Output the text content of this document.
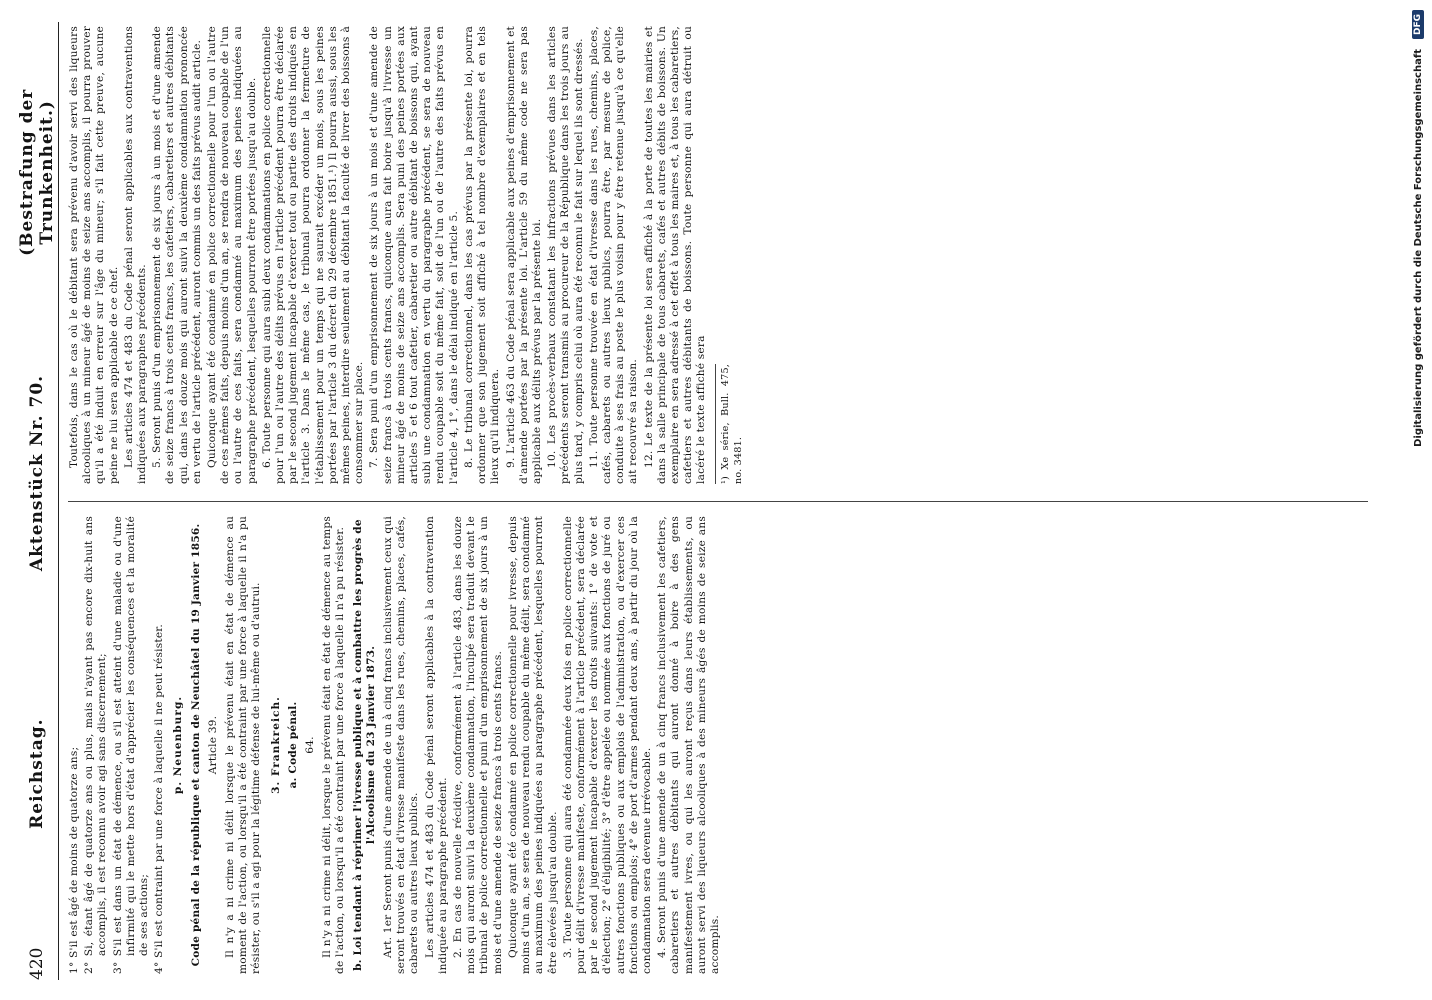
420
Reichstag.
Aktenstück Nr. 70.
(Bestrafung der Trunkenheit.)

1° S'il est âgé de moins de quatorze ans; 2° Si, étant âgé de quatorze ans ou plus, mais n'ayant pas encore dix-huit ans accomplis, il est reconnu avoir agi sans discernement; 3° S'il est dans un état de démence, ou s'il est atteint d'une maladie ou d'une infirmité qui le mette hors d'état d'apprécier les conséquences et la moralité de ses actions; 4° S'il est contraint par une force à laquelle il ne peut résister. p. Neuenburg. Code pénal de la république et canton de Neuchâtel du 19 Janvier 1856. Article 39. Il n'y a ni crime ni délit lorsque le prévenu était en état de démence au moment de l'action, ou lorsqu'il a été contraint par une force à laquelle il n'a pu résister, ou s'il a agi pour la légitime défense de lui-même ou d'autrui. 3. Frankreich. a. Code pénal. 64. Il n'y a ni crime ni délit, lorsque le prévenu était en état de démence au temps de l'action, ou lorsqu'il a été contraint par une force à laquelle il n'a pu résister. b. Loi tendant à réprimer l'ivresse publique et à combattre les progrès de l'Alcoolisme du 23 Janvier 1873. Art. 1er Seront punis d'une amende de un à cinq francs inclusivement ceux qui seront trouvés en état d'ivresse manifeste dans les rues, chemins, places, cafés, cabarets ou autres lieux publics. Les articles 474 et 483 du Code pénal seront applicables à la contravention indiquée au paragraphe précédent. 2. En cas de nouvelle récidive, conformément à l'article 483, dans les douze mois qui auront suivi la deuxième condamnation, l'inculpé sera traduit devant le tribunal de police correctionnelle et puni d'un emprisonnement de six jours à un mois et d'une amende de seize francs à trois cents francs. Quiconque ayant été condamné en police correctionnelle pour ivresse, depuis moins d'un an, se sera de nouveau rendu coupable du même délit, sera condamné au maximum des peines indiquées au paragraphe précédent, lesquelles pourront être élevées jusqu'au double. 3. Toute personne qui aura été condamnée deux fois en police correctionnelle pour délit d'ivresse manifeste, conformément à l'article précédent, sera déclarée par le second jugement incapable d'exercer les droits suivants: 1° de vote et d'élection; 2° d'éligibilité; 3° d'être appelée ou nommée aux fonctions de juré ou autres fonctions publiques ou aux emplois de l'administration, ou d'exercer ces fonctions ou emplois; 4° de port d'armes pendant deux ans, à partir du jour où la condamnation sera devenue irrévocable. 4. Seront punis d'une amende de un à cinq francs inclusivement les cafetiers, cabaretiers et autres débitants qui auront donné à boire à des gens manifestement ivres, ou qui les auront reçus dans leurs établissements, ou auront servi des liqueurs alcooliques à des mineurs âgés de moins de seize ans accomplis.

Toutefois, dans le cas où le débitant sera prévenu d'avoir servi des liqueurs alcooliques à un mineur âgé de moins de seize ans accomplis, il pourra prouver qu'il a été induit en erreur sur l'âge du mineur; s'il fait cette preuve, aucune peine ne lui sera applicable de ce chef. Les articles 474 et 483 du Code pénal seront applicables aux contraventions indiquées aux paragraphes précédents. 5. Seront punis d'un emprisonnement de six jours à un mois et d'une amende de seize francs à trois cents francs, les cafetiers, cabaretiers et autres débitants qui, dans les douze mois qui auront suivi la deuxième condamnation prononcée en vertu de l'article précédent, auront commis un des faits prévus audit article. Quiconque ayant été condamné en police correctionnelle pour l'un ou l'autre de ces mêmes faits, depuis moins d'un an, se rendra de nouveau coupable de l'un ou l'autre de ces faits, sera condamné au maximum des peines indiquées au paragraphe précédent, lesquelles pourront être portées jusqu'au double. 6. Toute personne qui aura subi deux condamnations en police correctionnelle pour l'un ou l'autre des délits prévus en l'article précédent pourra être déclarée par le second jugement incapable d'exercer tout ou partie des droits indiqués en l'article 3. Dans le même cas, le tribunal pourra ordonner la fermeture de l'établissement pour un temps qui ne saurait excéder un mois, sous les peines portées par l'article 3 du décret du 29 décembre 1851.¹) Il pourra aussi, sous les mêmes peines, interdire seulement au débitant la faculté de livrer des boissons à consommer sur place. 7. Sera puni d'un emprisonnement de six jours à un mois et d'une amende de seize francs à trois cents francs, quiconque aura fait boire jusqu'à l'ivresse un mineur âgé de moins de seize ans accomplis. Sera puni des peines portées aux articles 5 et 6 tout cafetier, cabaretier ou autre débitant de boissons qui, ayant subi une condamnation en vertu du paragraphe précédent, se sera de nouveau rendu coupable soit du même fait, soit de l'un ou de l'autre des faits prévus en l'article 4, 1°, dans le délai indiqué en l'article 5. 8. Le tribunal correctionnel, dans les cas prévus par la présente loi, pourra ordonner que son jugement soit affiché à tel nombre d'exemplaires et en tels lieux qu'il indiquera. 9. L'article 463 du Code pénal sera applicable aux peines d'emprisonnement et d'amende portées par la présente loi. L'article 59 du même code ne sera pas applicable aux délits prévus par la présente loi. 10. Les procès-verbaux constatant les infractions prévues dans les articles précédents seront transmis au procureur de la République dans les trois jours au plus tard, y compris celui où aura été reconnu le fait sur lequel ils sont dressés. 11. Toute personne trouvée en état d'ivresse dans les rues, chemins, places, cafés, cabarets ou autres lieux publics, pourra être, par mesure de police, conduite à ses frais au poste le plus voisin pour y être retenue jusqu'à ce qu'elle ait recouvré sa raison. 12. Le texte de la présente loi sera affiché à la porte de toutes les mairies et dans la salle principale de tous cabarets, cafés et autres débits de boissons. Un exemplaire en sera adressé à cet effet à tous les maires et, à tous les cabaretiers, cafetiers et autres débitants de boissons. Toute personne qui aura détruit ou lacéré le texte affiché sera	¹) Xe série, Bull. 475, no. 3481.

Digitalisierung gefördert durch die Deutsche Forschungsgemeinschaft
DFG
